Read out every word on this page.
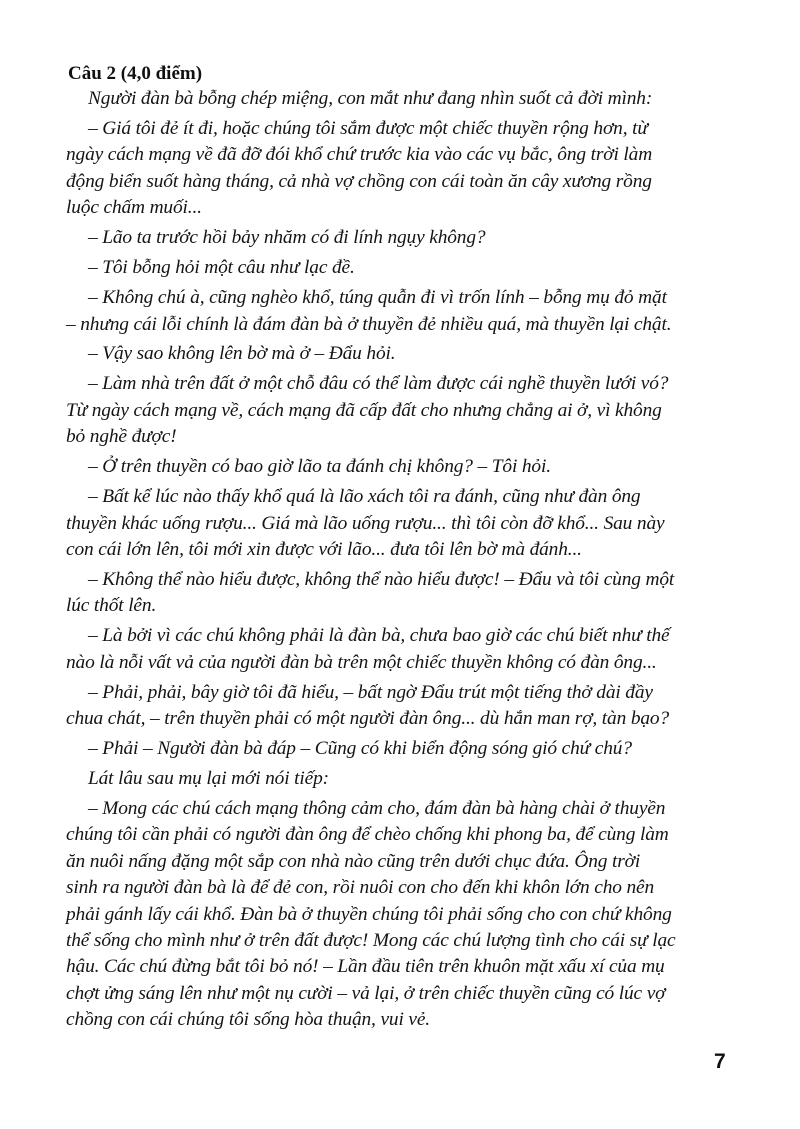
Câu 2 (4,0 điểm)
Người đàn bà bỗng chép miệng, con mắt như đang nhìn suốt cả đời mình:
– Giá tôi đẻ ít đi, hoặc chúng tôi sắm được một chiếc thuyền rộng hơn, từ
ngày cách mạng về đã đỡ đói khổ chứ trước kia vào các vụ bắc, ông trời làm
động biển suốt hàng tháng, cả nhà vợ chồng con cái toàn ăn cây xương rồng
luộc chấm muối...
– Lão ta trước hồi bảy nhăm có đi lính ngụy không?
– Tôi bỗng hỏi một câu như lạc đề.
– Không chú à, cũng nghèo khổ, túng quẫn đi vì trốn lính – bỗng mụ đỏ mặt
– nhưng cái lỗi chính là đám đàn bà ở thuyền đẻ nhiều quá, mà thuyền lại chật.
– Vậy sao không lên bờ mà ở – Đẩu hỏi.
– Làm nhà trên đất ở một chỗ đâu có thể làm được cái nghề thuyền lưới vó?
Từ ngày cách mạng về, cách mạng đã cấp đất cho nhưng chẳng ai ở, vì không
bỏ nghề được!
– Ở trên thuyền có bao giờ lão ta đánh chị không? – Tôi hỏi.
– Bất kể lúc nào thấy khổ quá là lão xách tôi ra đánh, cũng như đàn ông
thuyền khác uống rượu... Giá mà lão uống rượu... thì tôi còn đỡ khổ... Sau này
con cái lớn lên, tôi mới xin được với lão... đưa tôi lên bờ mà đánh...
– Không thể nào hiểu được, không thể nào hiểu được! – Đẩu và tôi cùng một
lúc thốt lên.
– Là bởi vì các chú không phải là đàn bà, chưa bao giờ các chú biết như thế
nào là nỗi vất vả của người đàn bà trên một chiếc thuyền không có đàn ông...
– Phải, phải, bây giờ tôi đã hiểu, – bất ngờ Đẩu trút một tiếng thở dài đầy
chua chát, – trên thuyền phải có một người đàn ông... dù hắn man rợ, tàn bạo?
– Phải – Người đàn bà đáp – Cũng có khi biển động sóng gió chứ chú?
Lát lâu sau mụ lại mới nói tiếp:
– Mong các chú cách mạng thông cảm cho, đám đàn bà hàng chài ở thuyền
chúng tôi cần phải có người đàn ông để chèo chống khi phong ba, để cùng làm
ăn nuôi nấng đặng một sắp con nhà nào cũng trên dưới chục đứa. Ông trời
sinh ra người đàn bà là để đẻ con, rồi nuôi con cho đến khi khôn lớn cho nên
phải gánh lấy cái khổ. Đàn bà ở thuyền chúng tôi phải sống cho con chứ không
thể sống cho mình như ở trên đất được! Mong các chú lượng tình cho cái sự lạc
hậu. Các chú đừng bắt tôi bỏ nó! – Lần đầu tiên trên khuôn mặt xấu xí của mụ
chợt ửng sáng lên như một nụ cười – vả lại, ở trên chiếc thuyền cũng có lúc vợ
chồng con cái chúng tôi sống hòa thuận, vui vẻ.
7
